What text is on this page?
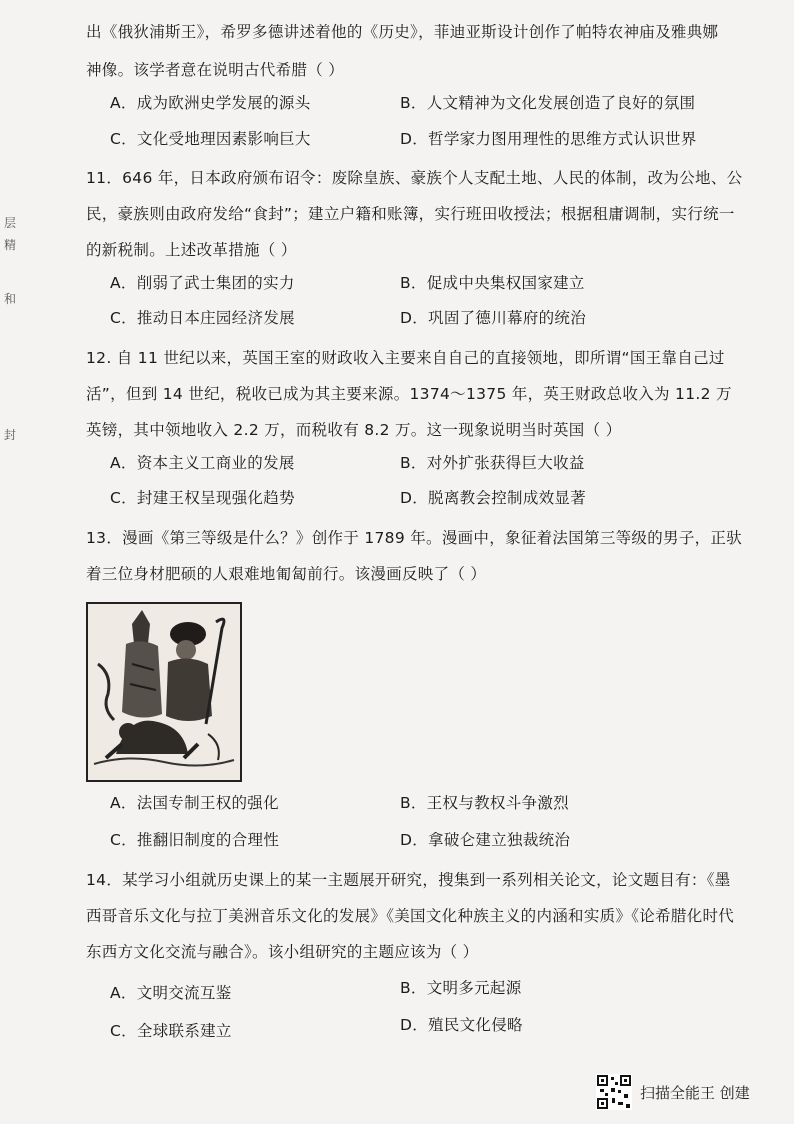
层
精
和
封
出《俄狄浦斯王》，希罗多德讲述着他的《历史》，菲迪亚斯设计创作了帕特农神庙及雅典娜
神像。该学者意在说明古代希腊（ ）
A．成为欧洲史学发展的源头	B．人文精神为文化发展创造了良好的氛围
C．文化受地理因素影响巨大	D．哲学家力图用理性的思维方式认识世界
11．646 年，日本政府颁布诏令：废除皇族、豪族个人支配土地、人民的体制，改为公地、公民，豪族则由政府发给“食封”；建立户籍和账簿，实行班田收授法；根据租庸调制，实行统一的新税制。上述改革措施（ ）
A．削弱了武士集团的实力	B．促成中央集权国家建立
C．推动日本庄园经济发展	D．巩固了德川幕府的统治
12. 自 11 世纪以来，英国王室的财政收入主要来自自己的直接领地，即所谓“国王靠自己过活”，但到 14 世纪，税收已成为其主要来源。1374～1375 年，英王财政总收入为 11.2 万英镑，其中领地收入 2.2 万，而税收有 8.2 万。这一现象说明当时英国（ ）
A．资本主义工商业的发展	B．对外扩张获得巨大收益
C．封建王权呈现强化趋势	D．脱离教会控制成效显著
13．漫画《第三等级是什么？》创作于 1789 年。漫画中，象征着法国第三等级的男子，正驮着三位身材肥硕的人艰难地匍匐前行。该漫画反映了（ ）
A．法国专制王权的强化	B．王权与教权斗争激烈
C．推翻旧制度的合理性	D．拿破仑建立独裁统治
14．某学习小组就历史课上的某一主题展开研究，搜集到一系列相关论文，论文题目有：《墨西哥音乐文化与拉丁美洲音乐文化的发展》《美国文化种族主义的内涵和实质》《论希腊化时代东西方文化交流与融合》。该小组研究的主题应该为（ ）
A．文明交流互鉴	B．文明多元起源
C．全球联系建立	D．殖民文化侵略
扫描全能王 创建
